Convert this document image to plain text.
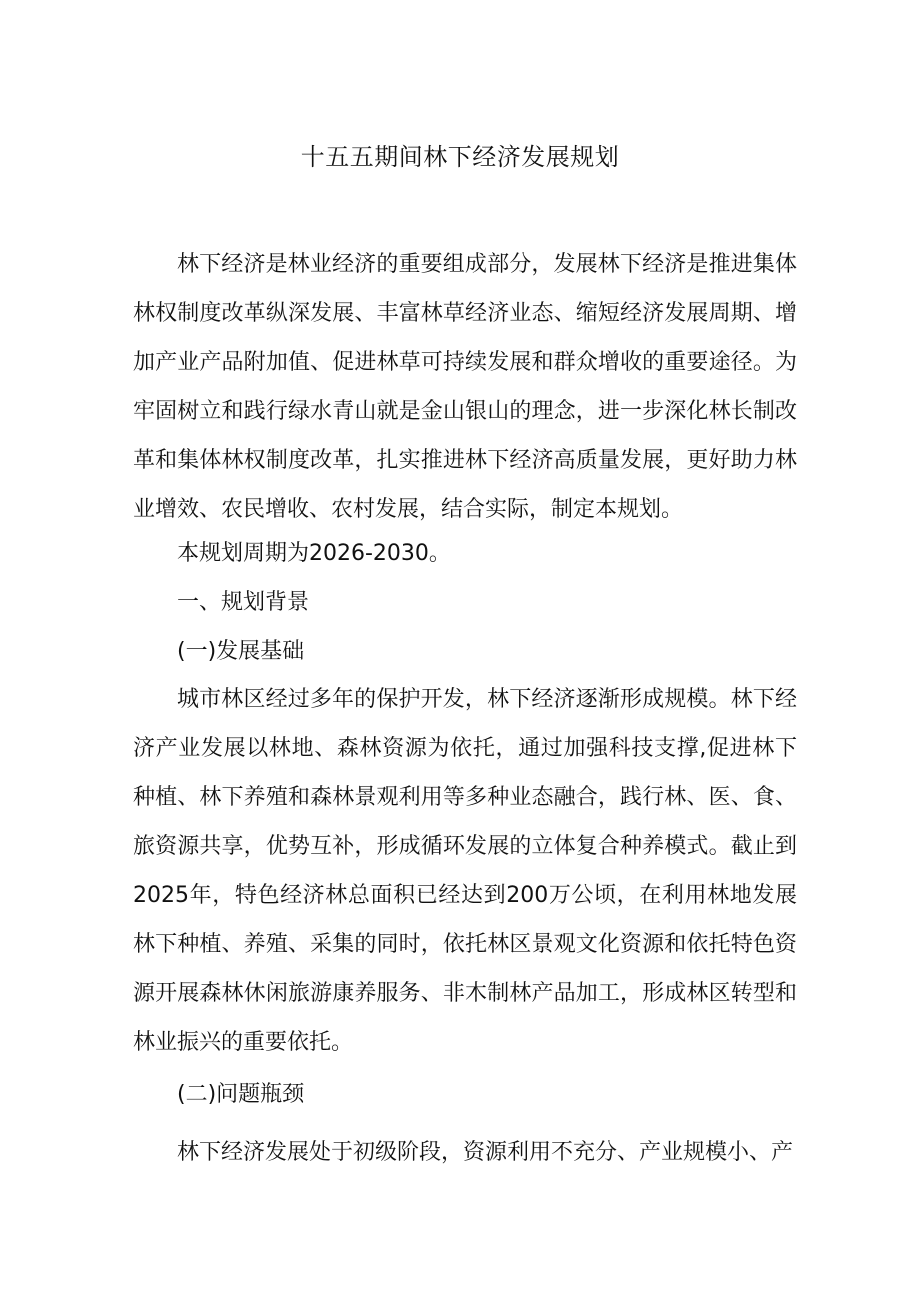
十五五期间林下经济发展规划

林下经济是林业经济的重要组成部分，发展林下经济是推进集体林权制度改革纵深发展、丰富林草经济业态、缩短经济发展周期、增加产业产品附加值、促进林草可持续发展和群众增收的重要途径。为牢固树立和践行绿水青山就是金山银山的理念，进一步深化林长制改革和集体林权制度改革，扎实推进林下经济高质量发展，更好助力林业增效、农民增收、农村发展，结合实际，制定本规划。

本规划周期为2026-2030。

一、规划背景

(一)发展基础

城市林区经过多年的保护开发，林下经济逐渐形成规模。林下经济产业发展以林地、森林资源为依托，通过加强科技支撑,促进林下种植、林下养殖和森林景观利用等多种业态融合，践行林、医、食、旅资源共享，优势互补，形成循环发展的立体复合种养模式。截止到2025年，特色经济林总面积已经达到200万公顷，在利用林地发展林下种植、养殖、采集的同时，依托林区景观文化资源和依托特色资源开展森林休闲旅游康养服务、非木制林产品加工，形成林区转型和林业振兴的重要依托。

(二)问题瓶颈

林下经济发展处于初级阶段，资源利用不充分、产业规模小、产
